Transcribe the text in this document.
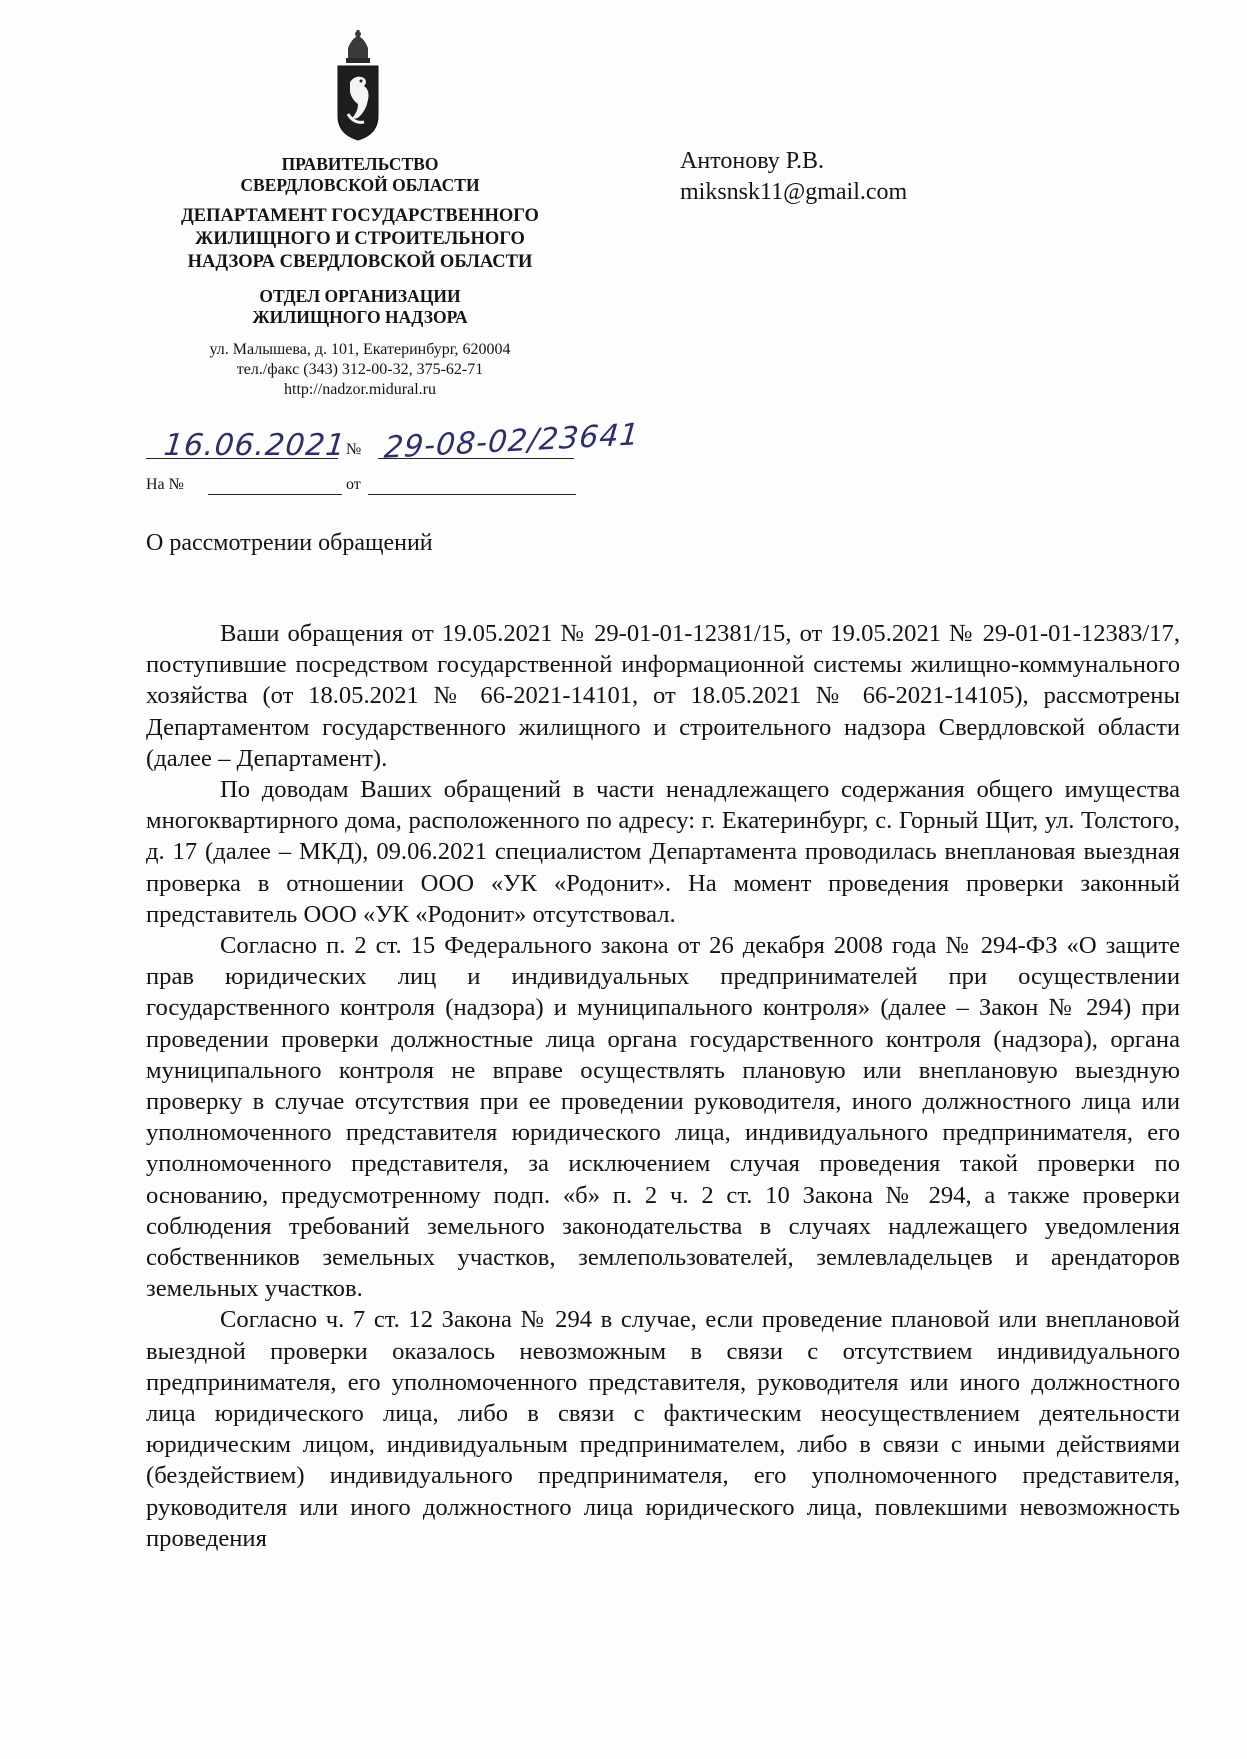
ПРАВИТЕЛЬСТВО
СВЕРДЛОВСКОЙ ОБЛАСТИ

ДЕПАРТАМЕНТ ГОСУДАРСТВЕННОГО
ЖИЛИЩНОГО И СТРОИТЕЛЬНОГО
НАДЗОРА СВЕРДЛОВСКОЙ ОБЛАСТИ

ОТДЕЛ ОРГАНИЗАЦИИ
ЖИЛИЩНОГО НАДЗОРА

ул. Малышева, д. 101, Екатеринбург, 620004

тел./факс (343) 312-00-32, 375-62-71

http://nadzor.midural.ru

Антонову Р.В.
miksnsk11@gmail.com
16.06.2021
№ 29-08-02/23641
На №	от
О рассмотрении обращений

Ваши обращения от 19.05.2021 № 29-01-01-12381/15, от 19.05.2021 № 29-01-01-12383/17, поступившие посредством государственной информационной системы жилищно-коммунального хозяйства (от 18.05.2021 № 66-2021-14101, от 18.05.2021 № 66-2021-14105), рассмотрены Департаментом государственного жилищного и строительного надзора Свердловской области (далее – Департамент).

По доводам Ваших обращений в части ненадлежащего содержания общего имущества многоквартирного дома, расположенного по адресу: г. Екатеринбург, с. Горный Щит, ул. Толстого, д. 17 (далее – МКД), 09.06.2021 специалистом Департамента проводилась внеплановая выездная проверка в отношении ООО «УК «Родонит». На момент проведения проверки законный представитель ООО «УК «Родонит» отсутствовал.

Согласно п. 2 ст. 15 Федерального закона от 26 декабря 2008 года № 294-ФЗ «О защите прав юридических лиц и индивидуальных предпринимателей при осуществлении государственного контроля (надзора) и муниципального контроля» (далее – Закон № 294) при проведении проверки должностные лица органа государственного контроля (надзора), органа муниципального контроля не вправе осуществлять плановую или внеплановую выездную проверку в случае отсутствия при ее проведении руководителя, иного должностного лица или уполномоченного представителя юридического лица, индивидуального предпринимателя, его уполномоченного представителя, за исключением случая проведения такой проверки по основанию, предусмотренному подп. «б» п. 2 ч. 2 ст. 10 Закона № 294, а также проверки соблюдения требований земельного законодательства в случаях надлежащего уведомления собственников земельных участков, землепользователей, землевладельцев и арендаторов земельных участков.

Согласно ч. 7 ст. 12 Закона № 294 в случае, если проведение плановой или внеплановой выездной проверки оказалось невозможным в связи с отсутствием индивидуального предпринимателя, его уполномоченного представителя, руководителя или иного должностного лица юридического лица, либо в связи с фактическим неосуществлением деятельности юридическим лицом, индивидуальным предпринимателем, либо в связи с иными действиями (бездействием) индивидуального предпринимателя, его уполномоченного представителя, руководителя или иного должностного лица юридического лица, повлекшими невозможность проведения
